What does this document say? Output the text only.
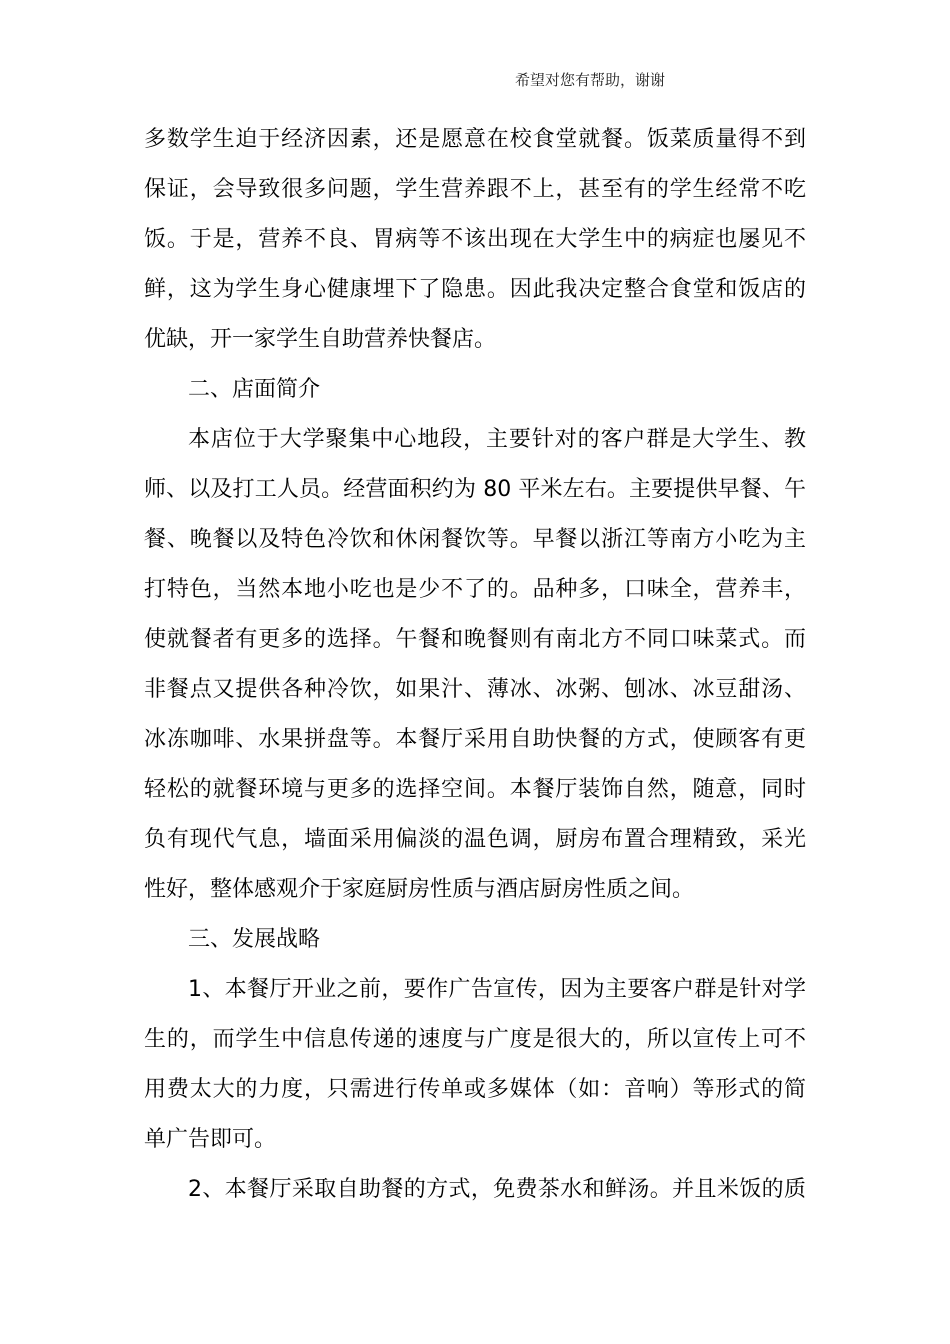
希望对您有帮助，谢谢
多数学生迫于经济因素，还是愿意在校食堂就餐。饭菜质量得不到
保证，会导致很多问题，学生营养跟不上，甚至有的学生经常不吃
饭。于是，营养不良、胃病等不该出现在大学生中的病症也屡见不
鲜，这为学生身心健康埋下了隐患。因此我决定整合食堂和饭店的
优缺，开一家学生自助营养快餐店。
二、店面简介
本店位于大学聚集中心地段，主要针对的客户群是大学生、教
师、以及打工人员。经营面积约为 80 平米左右。主要提供早餐、午
餐、晚餐以及特色冷饮和休闲餐饮等。早餐以浙江等南方小吃为主
打特色，当然本地小吃也是少不了的。品种多，口味全，营养丰，
使就餐者有更多的选择。午餐和晚餐则有南北方不同口味菜式。而
非餐点又提供各种冷饮，如果汁、薄冰、冰粥、刨冰、冰豆甜汤、
冰冻咖啡、水果拼盘等。本餐厅采用自助快餐的方式，使顾客有更
轻松的就餐环境与更多的选择空间。本餐厅装饰自然，随意，同时
负有现代气息，墙面采用偏淡的温色调，厨房布置合理精致，采光
性好，整体感观介于家庭厨房性质与酒店厨房性质之间。
三、发展战略
1、本餐厅开业之前，要作广告宣传，因为主要客户群是针对学
生的，而学生中信息传递的速度与广度是很大的，所以宣传上可不
用费太大的力度，只需进行传单或多媒体（如：音响）等形式的简
单广告即可。
2、本餐厅采取自助餐的方式，免费茶水和鲜汤。并且米饭的质
